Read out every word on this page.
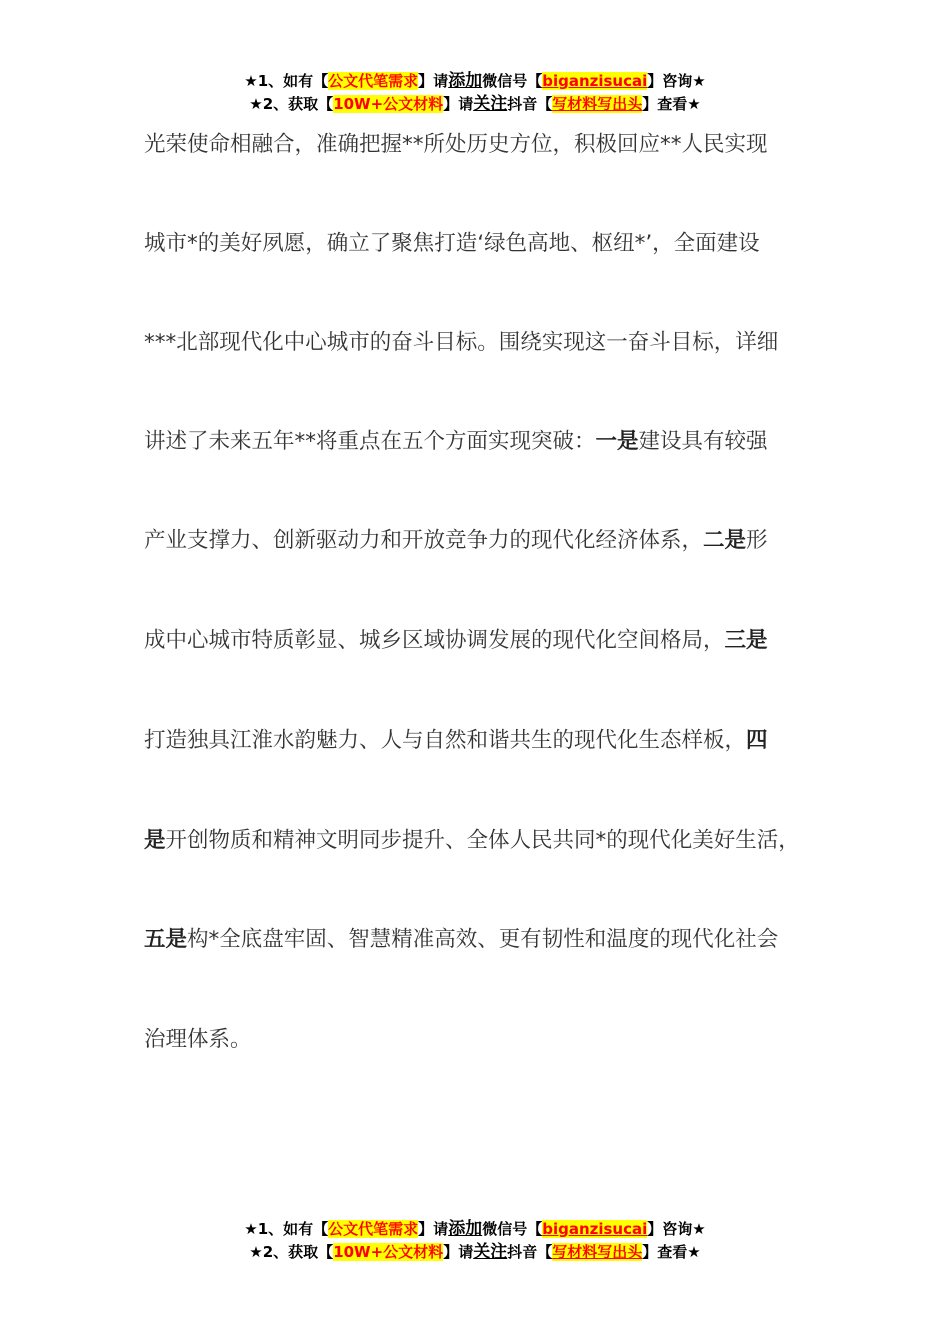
★1、如有【公文代笔需求】请添加微信号【biganzisucai】咨询★
★2、获取【10W+公文材料】请关注抖音【写材料写出头】查看★
光荣使命相融合，准确把握**所处历史方位，积极回应**人民实现
城市*的美好夙愿，确立了聚焦打造‘绿色高地、枢纽*’，全面建设
***北部现代化中心城市的奋斗目标。围绕实现这一奋斗目标，详细
讲述了未来五年**将重点在五个方面实现突破：一是建设具有较强
产业支撑力、创新驱动力和开放竞争力的现代化经济体系，二是形
成中心城市特质彰显、城乡区域协调发展的现代化空间格局，三是
打造独具江淮水韵魅力、人与自然和谐共生的现代化生态样板，四
是开创物质和精神文明同步提升、全体人民共同*的现代化美好生活，
五是构*全底盘牢固、智慧精准高效、更有韧性和温度的现代化社会
治理体系。
★1、如有【公文代笔需求】请添加微信号【biganzisucai】咨询★
★2、获取【10W+公文材料】请关注抖音【写材料写出头】查看★
